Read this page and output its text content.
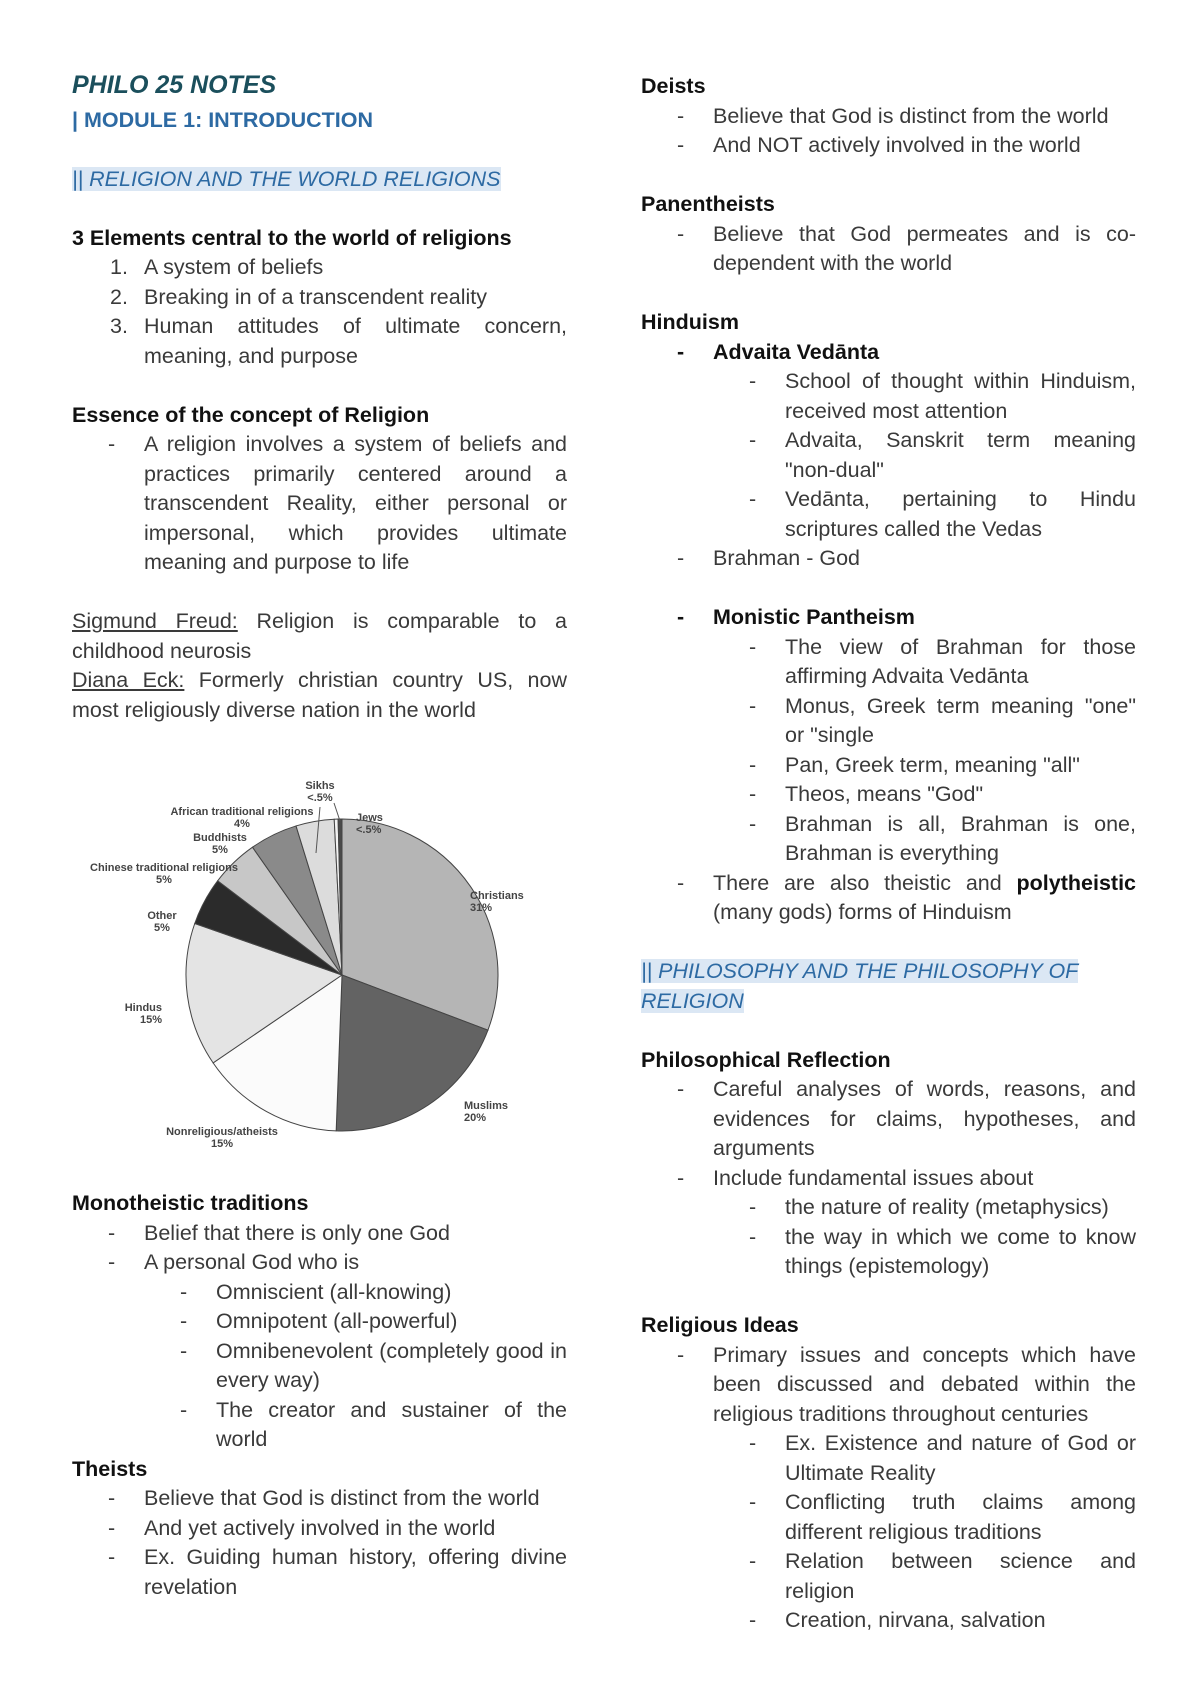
PHILO 25 NOTES

| MODULE 1: INTRODUCTION

|| RELIGION AND THE WORLD RELIGIONS

3 Elements central to the world of religions

1. A system of beliefs
2. Breaking in of a transcendent reality
3. Human attitudes of ultimate concern, meaning, and purpose

Essence of the concept of Religion

-	A religion involves a system of beliefs and practices primarily centered around a transcendent Reality, either personal or impersonal, which provides ultimate meaning and purpose to life

Sigmund Freud: Religion is comparable to a childhood neurosis

Diana Eck: Formerly christian country US, now most religiously diverse nation in the world

Christians 31%
Muslims 20%
Nonreligious/atheists 15%
Hindus 15%
Other 5%
Chinese traditional religions 5%
Buddhists 5%
African traditional religions 4%
Sikhs <.5%
Jews <.5%

Monotheistic traditions

-	Belief that there is only one God
-	A personal God who is
-	Omniscient (all-knowing)
-	Omnipotent (all-powerful)
-	Omnibenevolent (completely good in every way)
-	The creator and sustainer of the world

Theists

-	Believe that God is distinct from the world
-	And yet actively involved in the world
-	Ex. Guiding human history, offering divine revelation

Deists

-	Believe that God is distinct from the world
-	And NOT actively involved in the world

Panentheists

-	Believe that God permeates and is co-dependent with the world

Hinduism

-	Advaita Vedānta
-	School of thought within Hinduism, received most attention
-	Advaita, Sanskrit term meaning "non-dual"
-	Vedānta, pertaining to Hindu scriptures called the Vedas
-	Brahman - God
-	Monistic Pantheism
-	The view of Brahman for those affirming Advaita Vedānta
-	Monus, Greek term meaning "one" or "single
-	Pan, Greek term, meaning "all"
-	Theos, means "God"
-	Brahman is all, Brahman is one, Brahman is everything
-	There are also theistic and polytheistic (many gods) forms of Hinduism

|| PHILOSOPHY AND THE PHILOSOPHY OF RELIGION

Philosophical Reflection

-	Careful analyses of words, reasons, and evidences for claims, hypotheses, and arguments
-	Include fundamental issues about
-	the nature of reality (metaphysics)
-	the way in which we come to know things (epistemology)

Religious Ideas

-	Primary issues and concepts which have been discussed and debated within the religious traditions throughout centuries
-	Ex. Existence and nature of God or Ultimate Reality
-	Conflicting truth claims among different religious traditions
-	Relation between science and religion
-	Creation, nirvana, salvation
